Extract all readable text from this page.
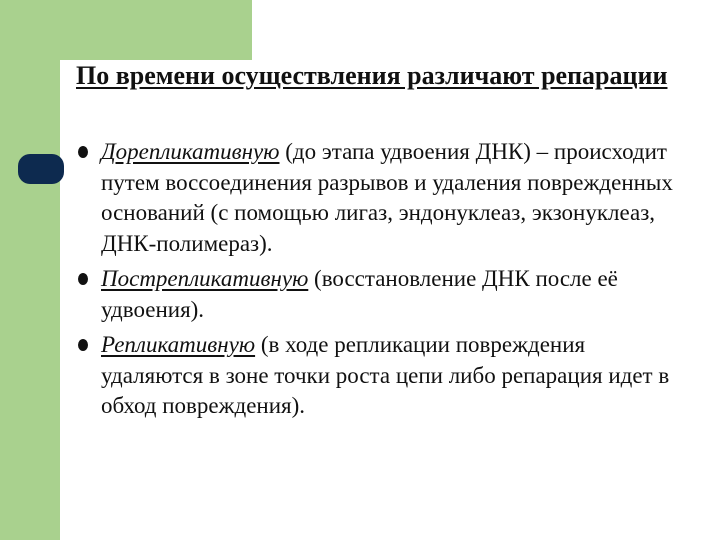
По времени осуществления различают репарации
Дорепликативную (до этапа удвоения ДНК) – происходит путем воссоединения разрывов и удаления поврежденных оснований (с помощью лигаз, эндонуклеаз, экзонуклеаз, ДНК-полимераз).
Пострепликативную (восстановление ДНК после её удвоения).
Репликативную (в ходе репликации повреждения удаляются в зоне точки роста цепи либо репарация идет в обход повреждения).
